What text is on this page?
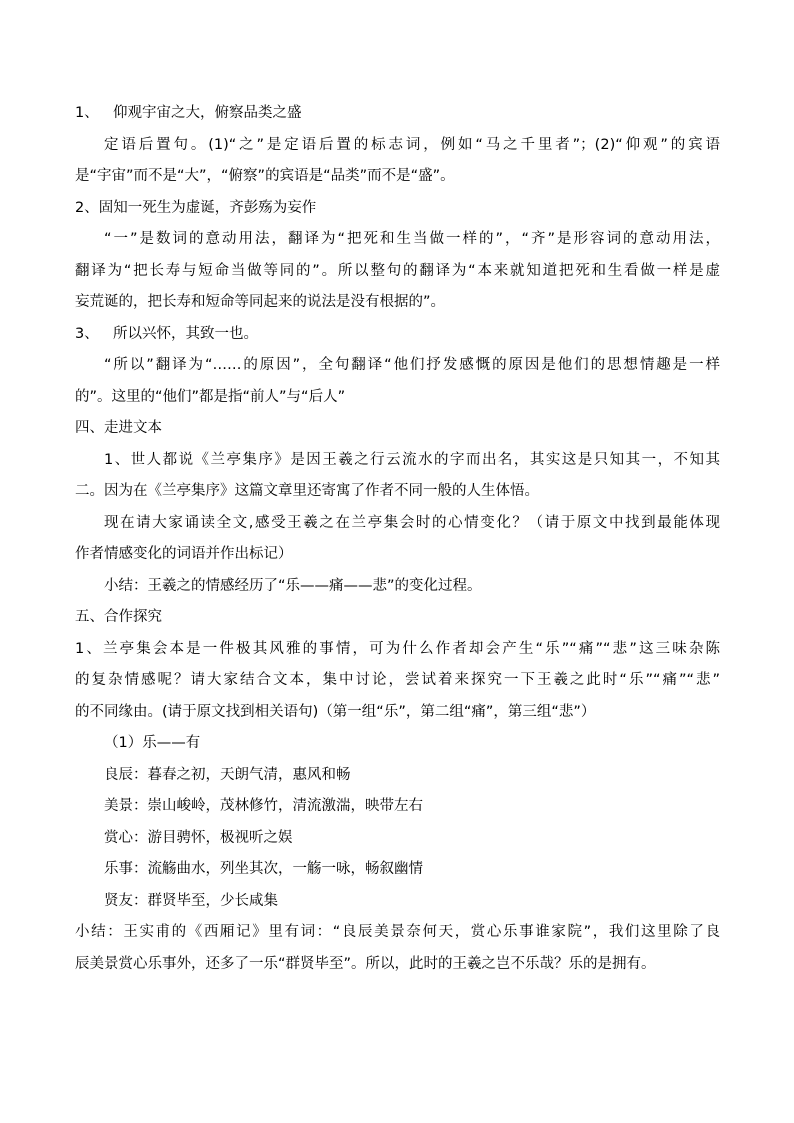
1、 仰观宇宙之大，俯察品类之盛
定语后置句。(1)“之”是定语后置的标志词，例如“马之千里者”；(2)“仰观”的宾语
是“宇宙”而不是“大”，“俯察”的宾语是“品类”而不是“盛”。
2、固知一死生为虚诞，齐彭殇为妄作
“一”是数词的意动用法，翻译为“把死和生当做一样的”，“齐”是形容词的意动用法，
翻译为“把长寿与短命当做等同的”。所以整句的翻译为“本来就知道把死和生看做一样是虚
妄荒诞的，把长寿和短命等同起来的说法是没有根据的”。
3、 所以兴怀，其致一也。
“所以”翻译为“……的原因”，全句翻译“他们抒发感慨的原因是他们的思想情趣是一样
的”。这里的“他们”都是指“前人”与“后人”
四、走进文本
1、世人都说《兰亭集序》是因王羲之行云流水的字而出名，其实这是只知其一，不知其
二。因为在《兰亭集序》这篇文章里还寄寓了作者不同一般的人生体悟。
现在请大家诵读全文,感受王羲之在兰亭集会时的心情变化？（请于原文中找到最能体现
作者情感变化的词语并作出标记）
小结：王羲之的情感经历了“乐——痛——悲”的变化过程。
五、合作探究
1、兰亭集会本是一件极其风雅的事情，可为什么作者却会产生“乐”“痛”“悲”这三味杂陈
的复杂情感呢？请大家结合文本，集中讨论，尝试着来探究一下王羲之此时“乐”“痛”“悲”
的不同缘由。(请于原文找到相关语句)（第一组“乐”，第二组“痛”，第三组“悲”）
（1）乐——有
良辰：暮春之初，天朗气清，惠风和畅
美景：崇山峻岭，茂林修竹，清流激湍，映带左右
赏心：游目骋怀，极视听之娱
乐事：流觞曲水，列坐其次，一觞一咏，畅叙幽情
贤友：群贤毕至，少长咸集
小结：王实甫的《西厢记》里有词：“良辰美景奈何天，赏心乐事谁家院”，我们这里除了良
辰美景赏心乐事外，还多了一乐“群贤毕至”。所以，此时的王羲之岂不乐哉？乐的是拥有。
